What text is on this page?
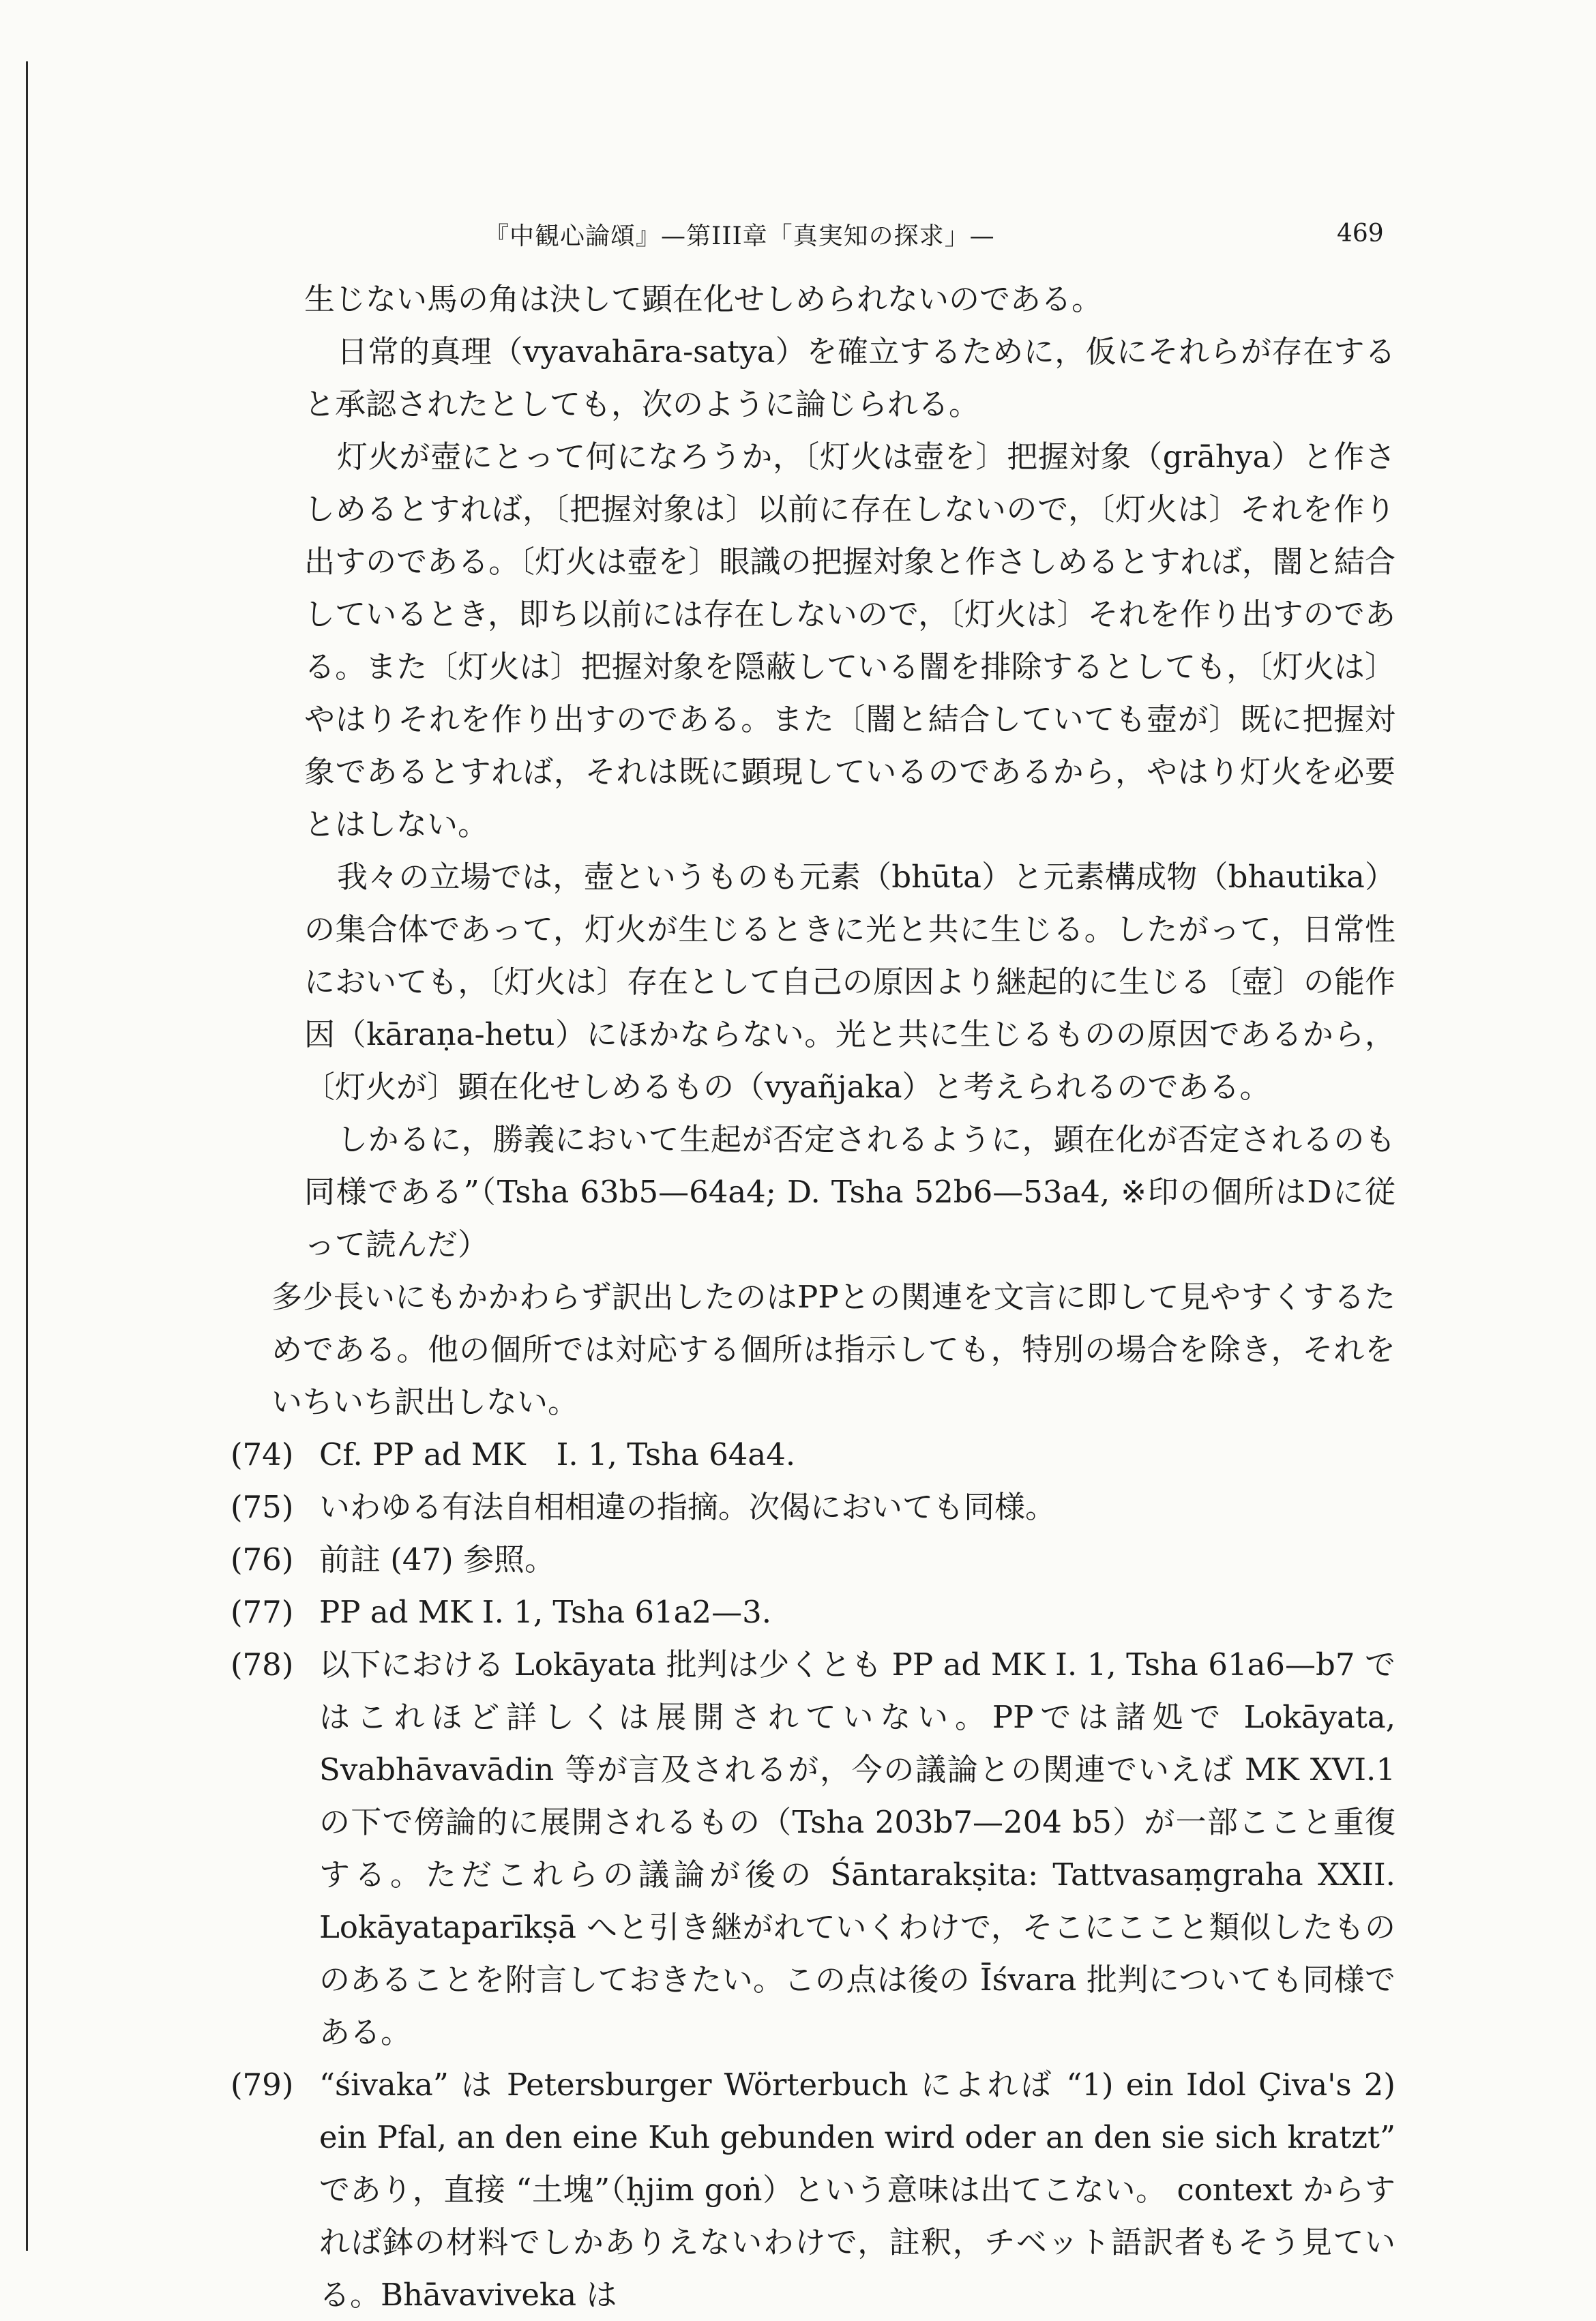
『中観心論頌』—第III章「真実知の探求」—	469

生じない馬の角は決して顕在化せしめられないのである。

日常的真理（vyavahāra-satya）を確立するために，仮にそれらが存在すると承認されたとしても，次のように論じられる。

灯火が壺にとって何になろうか，〔灯火は壺を〕把握対象（grāhya）と作さしめるとすれば，〔把握対象は〕以前に存在しないので，〔灯火は〕それを作り出すのである。〔灯火は壺を〕眼識の把握対象と作さしめるとすれば，闇と結合しているとき，即ち以前には存在しないので，〔灯火は〕それを作り出すのである。また〔灯火は〕把握対象を隠蔽している闇を排除するとしても，〔灯火は〕やはりそれを作り出すのである。また〔闇と結合していても壺が〕既に把握対象であるとすれば，それは既に顕現しているのであるから，やはり灯火を必要とはしない。

我々の立場では，壺というものも元素（bhūta）と元素構成物（bhautika）の集合体であって，灯火が生じるときに光と共に生じる。したがって，日常性においても，〔灯火は〕存在として自己の原因より継起的に生じる〔壺〕の能作因（kāraṇa-hetu）にほかならない。光と共に生じるものの原因であるから，〔灯火が〕顕在化せしめるもの（vyañjaka）と考えられるのである。

しかるに，勝義において生起が否定されるように，顕在化が否定されるのも同様である”（Tsha 63b5—64a4; D. Tsha 52b6—53a4, ※印の個所はDに従って読んだ）

多少長いにもかかわらず訳出したのはPPとの関連を文言に即して見やすくするためである。他の個所では対応する個所は指示しても，特別の場合を除き，それをいちいち訳出しない。

(74) Cf. PP ad MK　I. 1, Tsha 64a4.
(75) いわゆる有法自相相違の指摘。次偈においても同様。
(76) 前註 (47) 参照。
(77) PP ad MK I. 1, Tsha 61a2—3.
(78) 以下における Lokāyata 批判は少くとも PP ad MK I. 1, Tsha 61a6—b7 ではこれほど詳しくは展開されていない。PPでは諸処で Lokāyata, Svabhāvavādin 等が言及されるが，今の議論との関連でいえば MK XVI.1 の下で傍論的に展開されるもの（Tsha 203b7—204 b5）が一部ここと重復する。ただこれらの議論が後の Śāntarakṣita: Tattvasaṃgraha XXII. Lokāyataparīkṣā へと引き継がれていくわけで，そこにここと類似したもののあることを附言しておきたい。この点は後の Īśvara 批判についても同様である。
(79) “śivaka” は Petersburger Wörterbuch によれば “1) ein Idol Çiva's 2) ein Pfal, an den eine Kuh gebunden wird oder an den sie sich kratzt” であり，直接 “土塊”（ḥjim goṅ）という意味は出てこない。 context からすれば鉢の材料でしかありえないわけで，註釈，チベット語訳者もそう見ている。Bhāvaviveka は
